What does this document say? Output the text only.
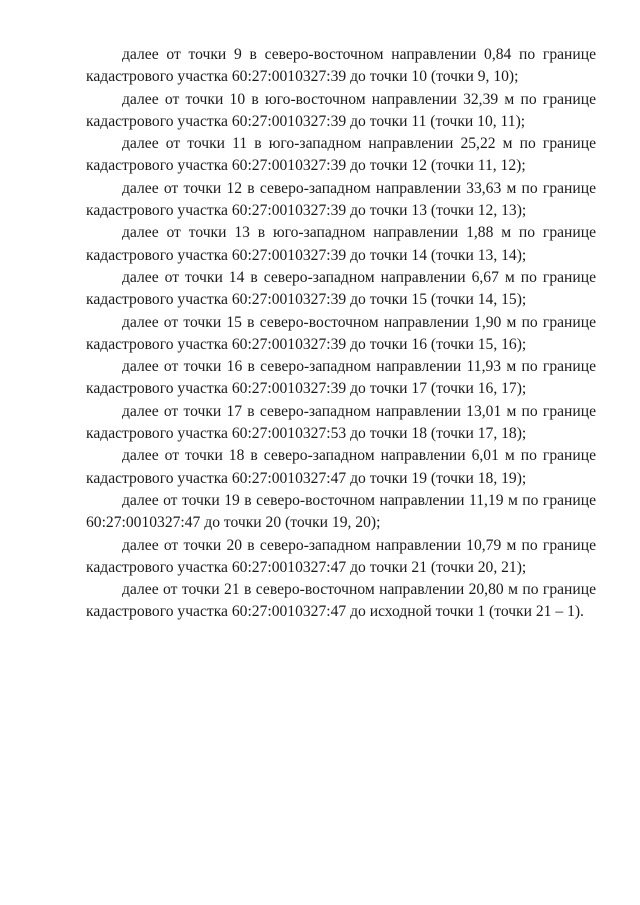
далее от точки 9 в северо-восточном направлении 0,84 по границе кадастрового участка 60:27:0010327:39 до точки 10 (точки 9, 10);

далее от точки 10 в юго-восточном направлении 32,39 м по границе кадастрового участка 60:27:0010327:39 до точки 11 (точки 10, 11);

далее от точки 11 в юго-западном направлении 25,22 м по границе кадастрового участка 60:27:0010327:39 до точки 12 (точки 11, 12);

далее от точки 12 в северо-западном направлении 33,63 м по границе кадастрового участка 60:27:0010327:39 до точки 13 (точки 12, 13);

далее от точки 13 в юго-западном направлении 1,88 м по границе кадастрового участка 60:27:0010327:39 до точки 14 (точки 13, 14);

далее от точки 14 в северо-западном направлении 6,67 м по границе кадастрового участка 60:27:0010327:39 до точки 15 (точки 14, 15);

далее от точки 15 в северо-восточном направлении 1,90 м по границе кадастрового участка 60:27:0010327:39 до точки 16 (точки 15, 16);

далее от точки 16 в северо-западном направлении 11,93 м по границе кадастрового участка 60:27:0010327:39 до точки 17 (точки 16, 17);

далее от точки 17 в северо-западном направлении 13,01 м по границе кадастрового участка 60:27:0010327:53 до точки 18 (точки 17, 18);

далее от точки 18 в северо-западном направлении 6,01 м по границе кадастрового участка 60:27:0010327:47 до точки 19 (точки 18, 19);

далее от точки 19 в северо-восточном направлении 11,19 м по границе 60:27:0010327:47 до точки 20 (точки 19, 20);

далее от точки 20 в северо-западном направлении 10,79 м по границе кадастрового участка 60:27:0010327:47 до точки 21 (точки 20, 21);

далее от точки 21 в северо-восточном направлении 20,80 м по границе кадастрового участка 60:27:0010327:47 до исходной точки 1 (точки 21 – 1).
